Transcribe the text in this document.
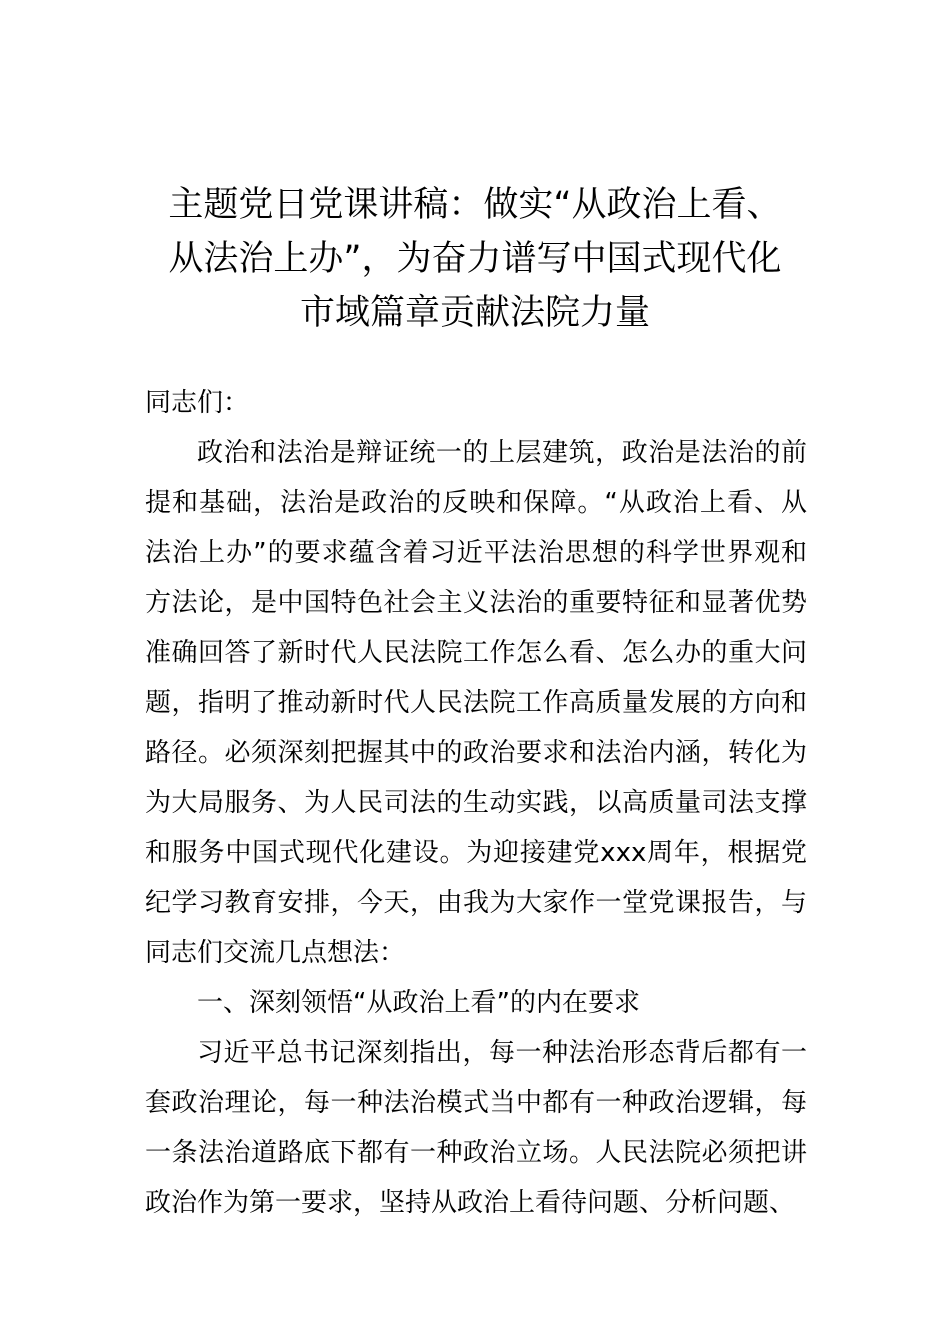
主题党日党课讲稿：做实“从政治上看、
从法治上办”，为奋力谱写中国式现代化
市域篇章贡献法院力量

同志们：

政治和法治是辩证统一的上层建筑，政治是法治的前提和基础，法治是政治的反映和保障。“从政治上看、从法治上办”的要求蕴含着习近平法治思想的科学世界观和方法论，是中国特色社会主义法治的重要特征和显著优势准确回答了新时代人民法院工作怎么看、怎么办的重大问题，指明了推动新时代人民法院工作高质量发展的方向和路径。必须深刻把握其中的政治要求和法治内涵，转化为为大局服务、为人民司法的生动实践，以高质量司法支撑和服务中国式现代化建设。为迎接建党xxx周年，根据党纪学习教育安排，今天，由我为大家作一堂党课报告，与同志们交流几点想法：

一、深刻领悟“从政治上看”的内在要求

习近平总书记深刻指出，每一种法治形态背后都有一套政治理论，每一种法治模式当中都有一种政治逻辑，每一条法治道路底下都有一种政治立场。人民法院必须把讲政治作为第一要求，坚持从政治上看待问题、分析问题、
